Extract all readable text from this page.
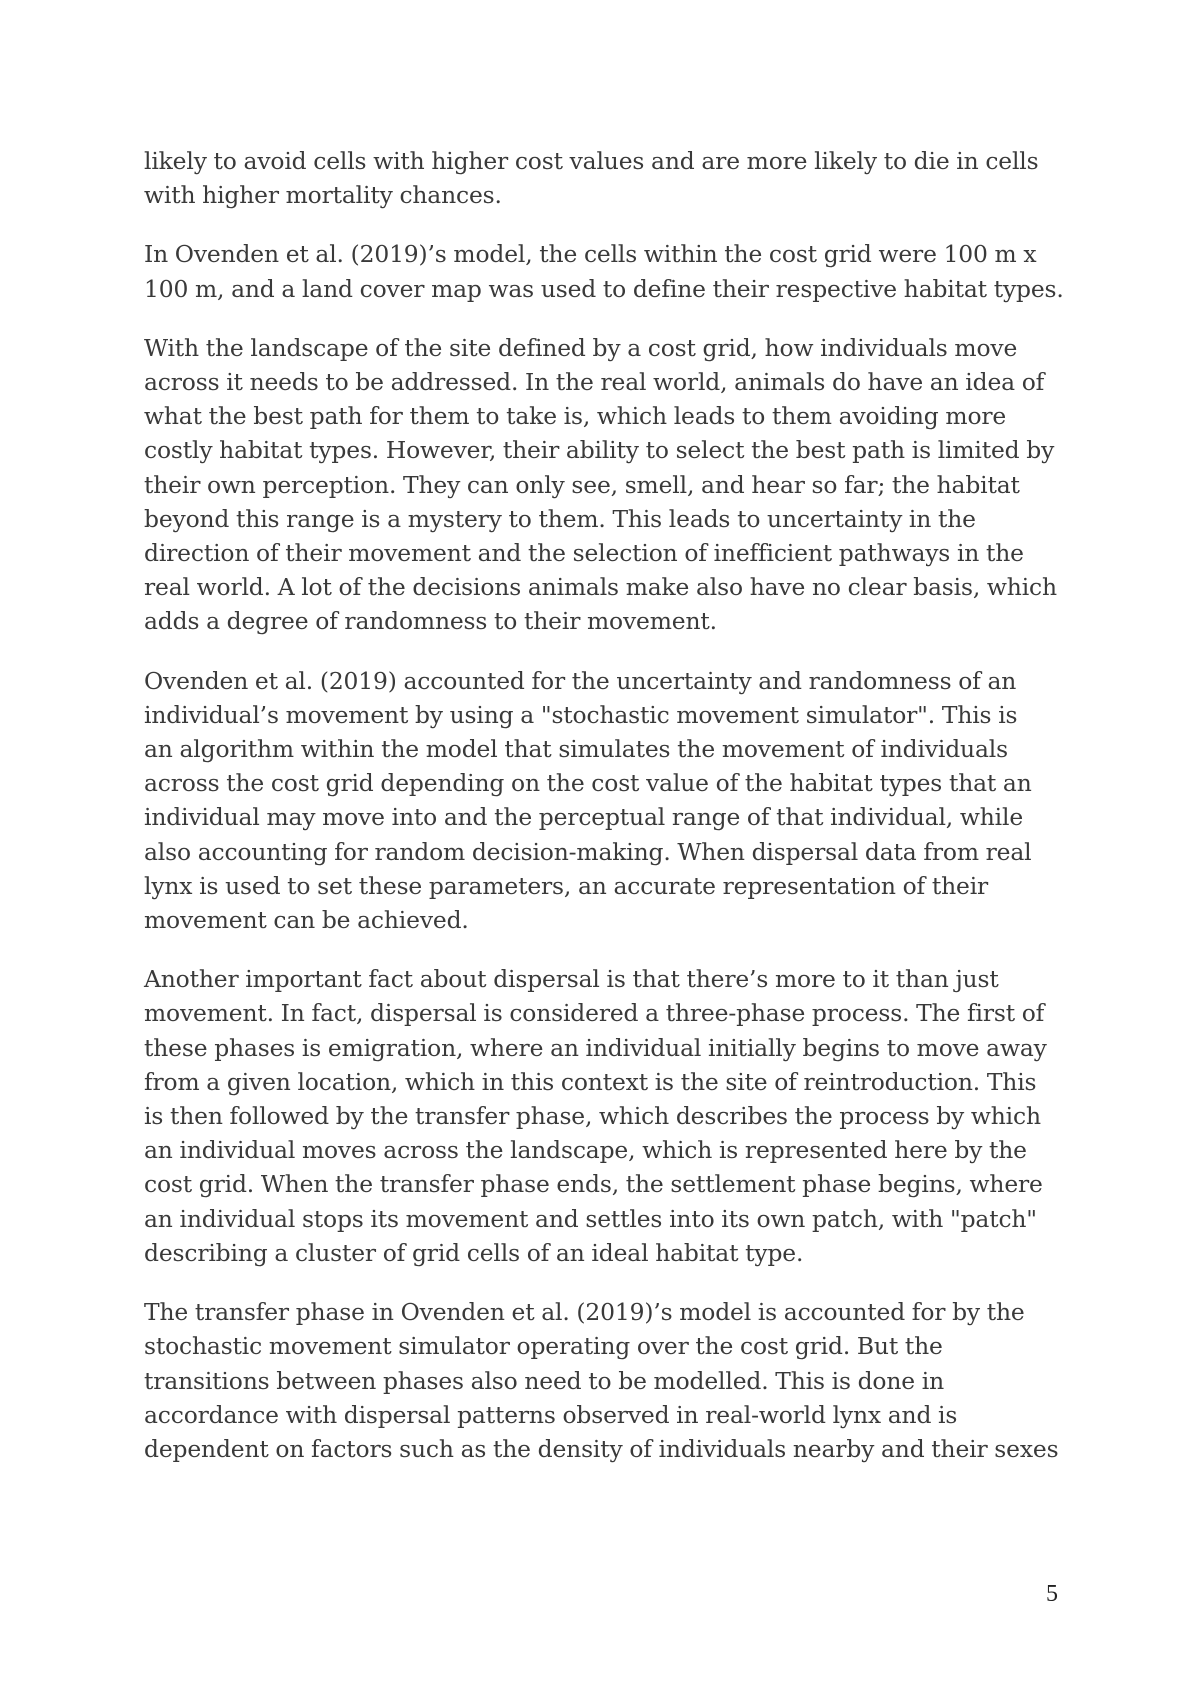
likely to avoid cells with higher cost values and are more likely to die in cells
with higher mortality chances.

In Ovenden et al. (2019)’s model, the cells within the cost grid were 100 m x
100 m, and a land cover map was used to define their respective habitat types.

With the landscape of the site defined by a cost grid, how individuals move
across it needs to be addressed. In the real world, animals do have an idea of
what the best path for them to take is, which leads to them avoiding more
costly habitat types. However, their ability to select the best path is limited by
their own perception. They can only see, smell, and hear so far; the habitat
beyond this range is a mystery to them. This leads to uncertainty in the
direction of their movement and the selection of inefficient pathways in the
real world. A lot of the decisions animals make also have no clear basis, which
adds a degree of randomness to their movement.

Ovenden et al. (2019) accounted for the uncertainty and randomness of an
individual’s movement by using a "stochastic movement simulator". This is
an algorithm within the model that simulates the movement of individuals
across the cost grid depending on the cost value of the habitat types that an
individual may move into and the perceptual range of that individual, while
also accounting for random decision-making. When dispersal data from real
lynx is used to set these parameters, an accurate representation of their
movement can be achieved.

Another important fact about dispersal is that there’s more to it than just
movement. In fact, dispersal is considered a three-phase process. The first of
these phases is emigration, where an individual initially begins to move away
from a given location, which in this context is the site of reintroduction. This
is then followed by the transfer phase, which describes the process by which
an individual moves across the landscape, which is represented here by the
cost grid. When the transfer phase ends, the settlement phase begins, where
an individual stops its movement and settles into its own patch, with "patch"
describing a cluster of grid cells of an ideal habitat type.

The transfer phase in Ovenden et al. (2019)’s model is accounted for by the
stochastic movement simulator operating over the cost grid. But the
transitions between phases also need to be modelled. This is done in
accordance with dispersal patterns observed in real-world lynx and is
dependent on factors such as the density of individuals nearby and their sexes

5
